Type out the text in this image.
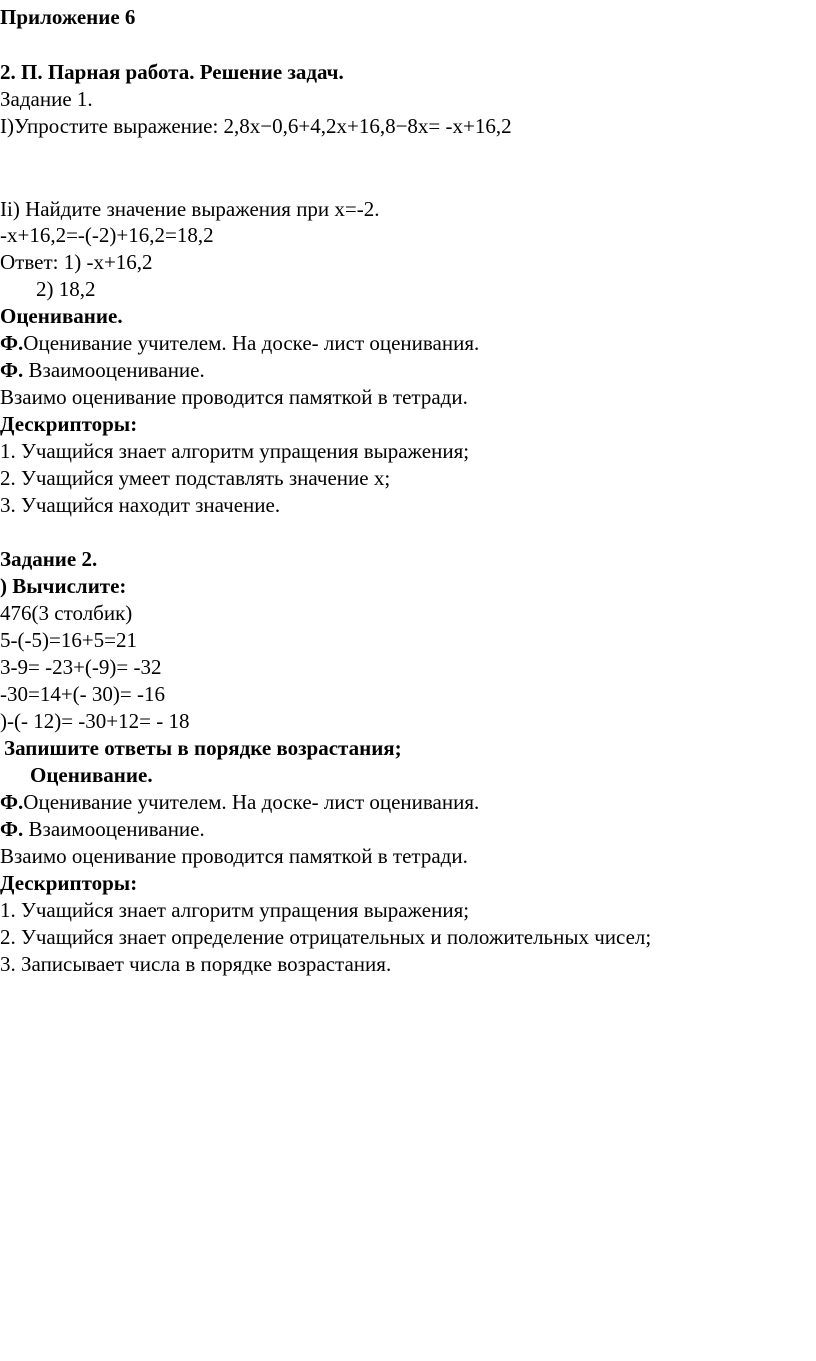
Приложение 6

2. П. Парная работа. Решение задач.

Задание 1.

I)Упростите выражение: 2,8x−0,6+4,2x+16,8−8x= -x+16,2

Ii) Найдите значение выражения при x=-2.

-x+16,2=-(-2)+16,2=18,2

Ответ: 1) -x+16,2

2) 18,2

Оценивание.

Ф.Оценивание учителем. На доске- лист оценивания.

Ф. Взаимооценивание.

Взаимо оценивание проводится памяткой в тетради.

Дескрипторы:

1. Учащийся знает алгоритм упращения выражения;

2. Учащийся умеет подставлять значение x;

3. Учащийся находит значение.

Задание 2.

) Вычислите:

476(3 столбик)

5-(-5)=16+5=21

3-9= -23+(-9)= -32

-30=14+(- 30)= -16

)-(- 12)= -30+12= - 18

Запишите ответы в порядке возрастания;

Оценивание.

Ф.Оценивание учителем. На доске- лист оценивания.

Ф. Взаимооценивание.

Взаимо оценивание проводится памяткой в тетради.

Дескрипторы:

1. Учащийся знает алгоритм упращения выражения;

2. Учащийся знает определение отрицательных и положительных чисел;

3. Записывает числа в порядке возрастания.
